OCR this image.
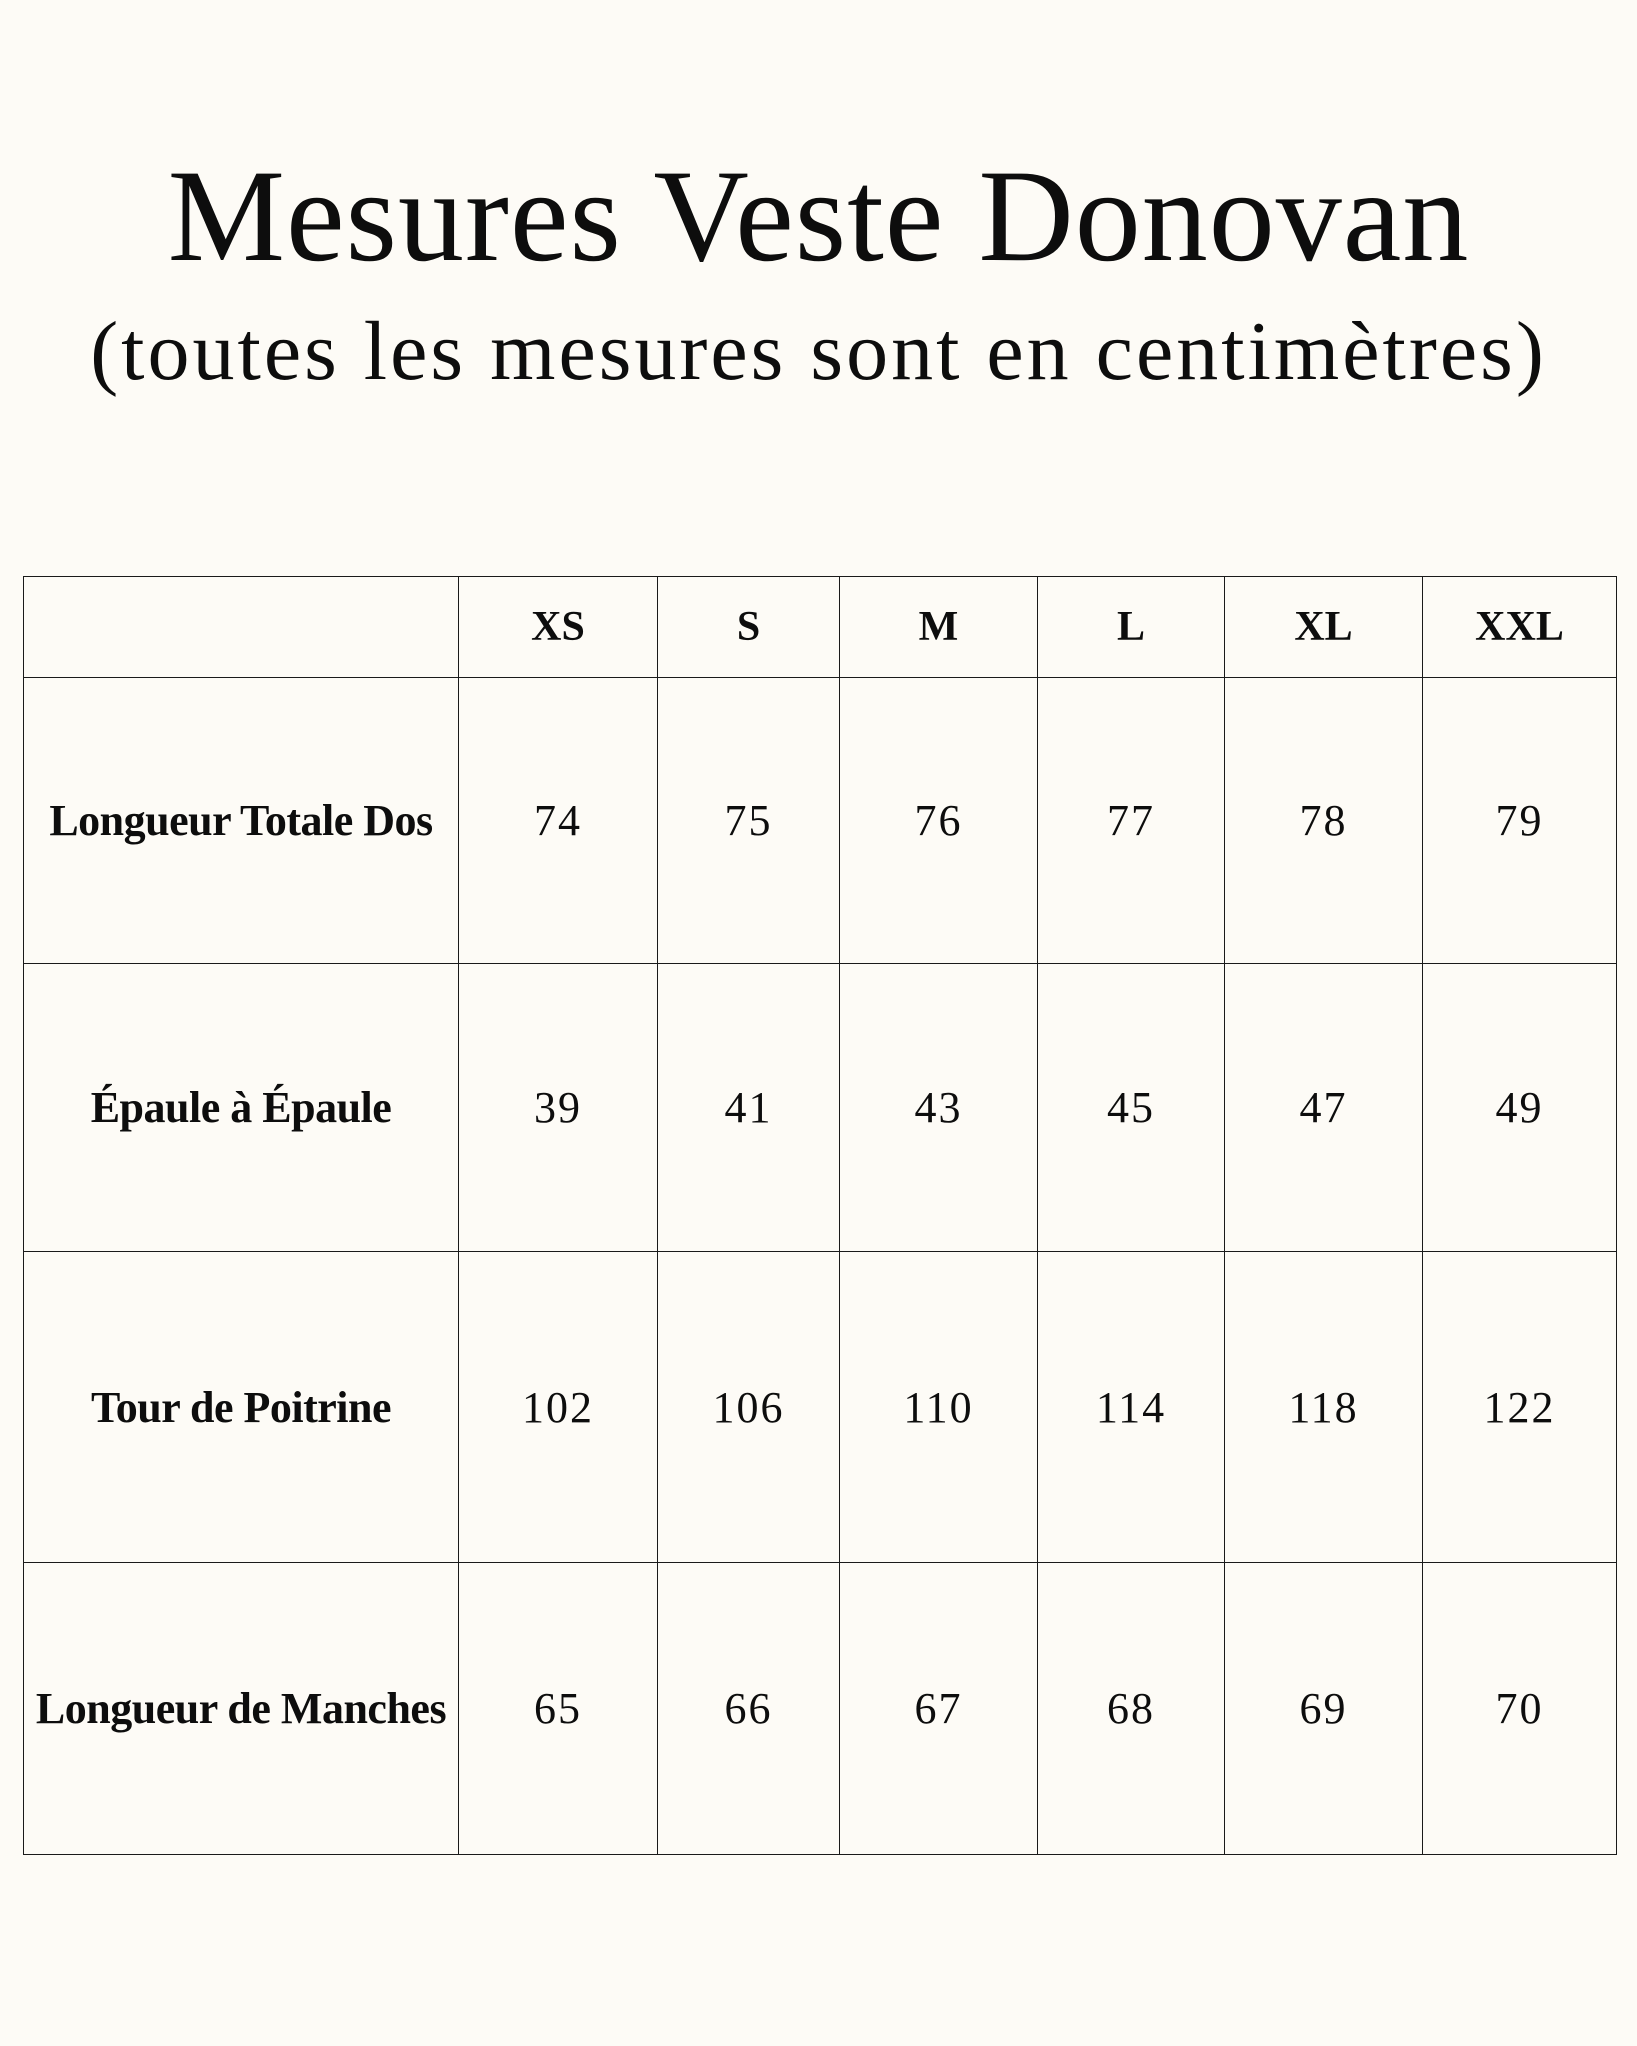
Mesures Veste Donovan

(toutes les mesures sont en centimètres)

	XS	S	M	L	XL	XXL
Longueur Totale Dos	74	75	76	77	78	79
Épaule à Épaule	39	41	43	45	47	49
Tour de Poitrine	102	106	110	114	118	122
Longueur de Manches	65	66	67	68	69	70
